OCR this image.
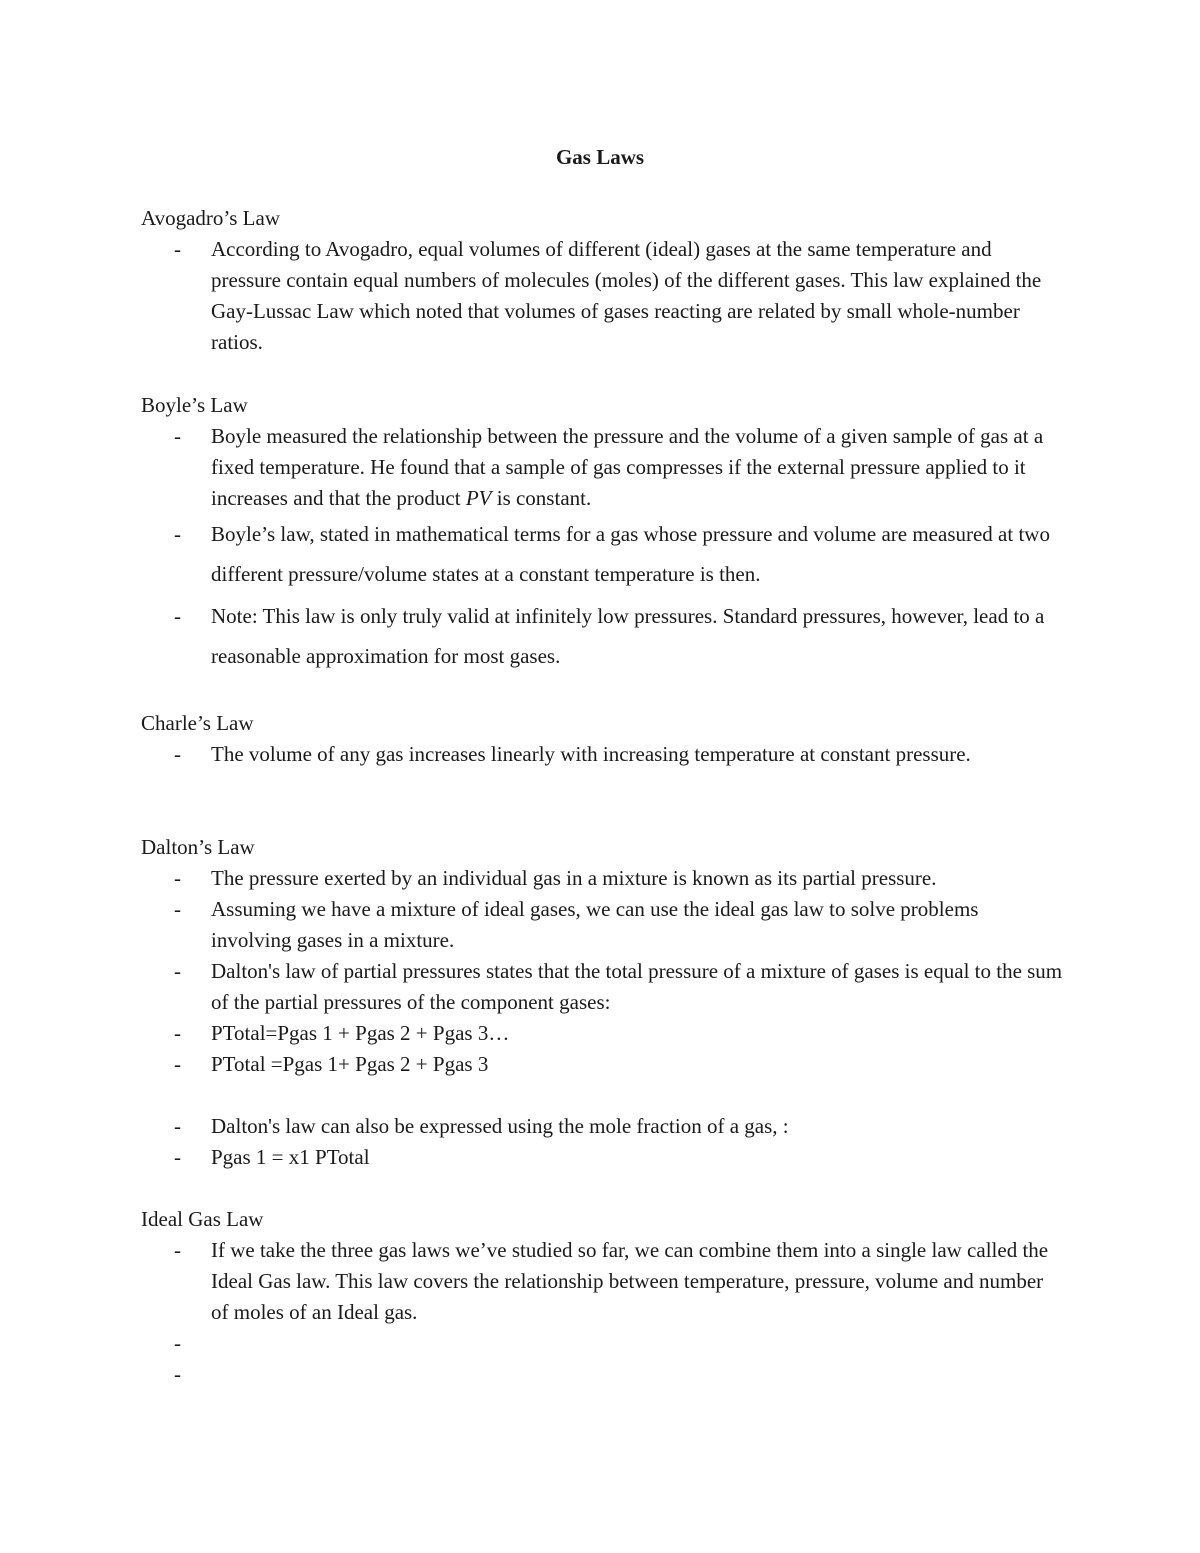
Gas Laws
Avogadro’s Law
- According to Avogadro, equal volumes of different (ideal) gases at the same temperature and pressure contain equal numbers of molecules (moles) of the different gases. This law explained the Gay-Lussac Law which noted that volumes of gases reacting are related by small whole-number ratios.
Boyle’s Law
- Boyle measured the relationship between the pressure and the volume of a given sample of gas at a fixed temperature. He found that a sample of gas compresses if the external pressure applied to it increases and that the product PV is constant.
- Boyle’s law, stated in mathematical terms for a gas whose pressure and volume are measured at two different pressure/volume states at a constant temperature is then.
- Note: This law is only truly valid at infinitely low pressures. Standard pressures, however, lead to a reasonable approximation for most gases.
Charle’s Law
- The volume of any gas increases linearly with increasing temperature at constant pressure.
Dalton’s Law
- The pressure exerted by an individual gas in a mixture is known as its partial pressure.
- Assuming we have a mixture of ideal gases, we can use the ideal gas law to solve problems involving gases in a mixture.
- Dalton's law of partial pressures states that the total pressure of a mixture of gases is equal to the sum of the partial pressures of the component gases:
- PTotal=Pgas 1 + Pgas 2 + Pgas 3…
- PTotal =Pgas 1+ Pgas 2 + Pgas 3
- Dalton's law can also be expressed using the mole fraction of a gas, :
- Pgas 1 = x1 PTotal
Ideal Gas Law
- If we take the three gas laws we’ve studied so far, we can combine them into a single law called the Ideal Gas law. This law covers the relationship between temperature, pressure, volume and number of moles of an Ideal gas.
-
-
